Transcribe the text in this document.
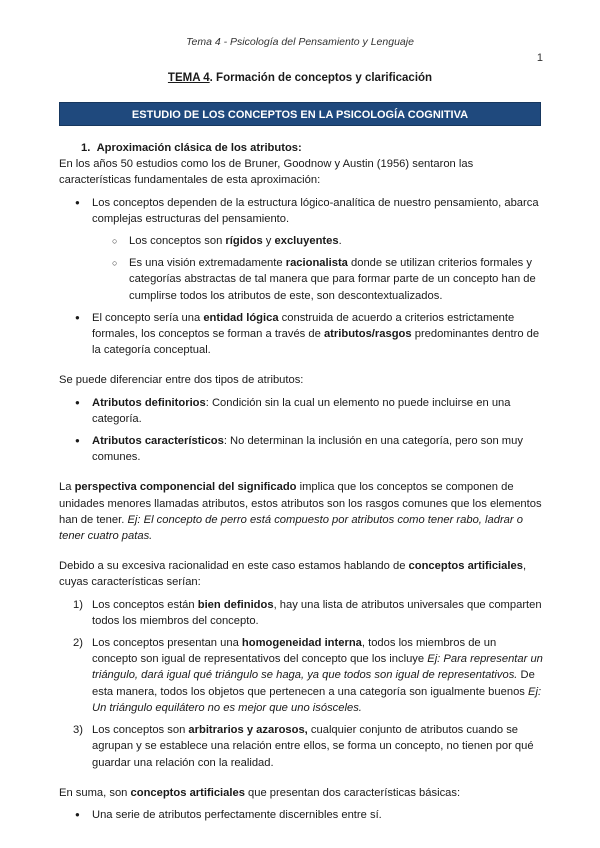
Tema 4 - Psicología del Pensamiento y Lenguaje
1
TEMA 4. Formación de conceptos y clarificación
ESTUDIO DE LOS CONCEPTOS EN LA PSICOLOGÍA COGNITIVA

1. Aproximación clásica de los atributos:

En los años 50 estudios como los de Bruner, Goodnow y Austin (1956) sentaron las características fundamentales de esta aproximación:

● Los conceptos dependen de la estructura lógico-analítica de nuestro pensamiento, abarca complejas estructuras del pensamiento.
○ Los conceptos son rígidos y excluyentes.
○ Es una visión extremadamente racionalista donde se utilizan criterios formales y categorías abstractas de tal manera que para formar parte de un concepto han de cumplirse todos los atributos de este, son descontextualizados.
● El concepto sería una entidad lógica construida de acuerdo a criterios estrictamente formales, los conceptos se forman a través de atributos/rasgos predominantes dentro de la categoría conceptual.

Se puede diferenciar entre dos tipos de atributos:

● Atributos definitorios: Condición sin la cual un elemento no puede incluirse en una categoría.
● Atributos característicos: No determinan la inclusión en una categoría, pero son muy comunes.

La perspectiva componencial del significado implica que los conceptos se componen de unidades menores llamadas atributos, estos atributos son los rasgos comunes que los elementos han de tener. Ej: El concepto de perro está compuesto por atributos como tener rabo, ladrar o tener cuatro patas.

Debido a su excesiva racionalidad en este caso estamos hablando de conceptos artificiales, cuyas características serían:

1) Los conceptos están bien definidos, hay una lista de atributos universales que comparten todos los miembros del concepto.
2) Los conceptos presentan una homogeneidad interna, todos los miembros de un concepto son igual de representativos del concepto que los incluye Ej: Para representar un triángulo, dará igual qué triángulo se haga, ya que todos son igual de representativos. De esta manera, todos los objetos que pertenecen a una categoría son igualmente buenos Ej: Un triángulo equilátero no es mejor que uno isósceles.
3) Los conceptos son arbitrarios y azarosos, cualquier conjunto de atributos cuando se agrupan y se establece una relación entre ellos, se forma un concepto, no tienen por qué guardar una relación con la realidad.

En suma, son conceptos artificiales que presentan dos características básicas:

● Una serie de atributos perfectamente discernibles entre sí.
